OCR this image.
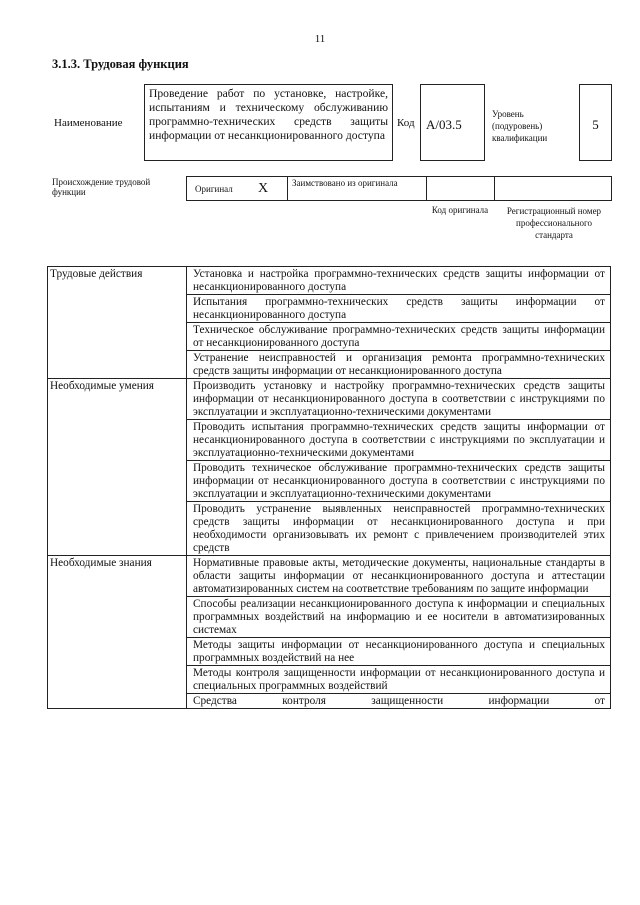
11
3.1.3. Трудовая функция
Наименование
Проведение работ по установке, настройке, испытаниям и техническому обслуживанию программно-технических средств защиты информации от несанкционированного доступа
Код А/03.5
Уровень (подуровень) квалификации
5
Происхождение трудовой функции	Оригинал X	Заимствовано из оригинала
Код оригинала	Регистрационный номер профессионального стандарта
Трудовые действия	Установка и настройка программно-технических средств защиты информации от несанкционированного доступа
	Испытания программно-технических средств защиты информации от несанкционированного доступа
	Техническое обслуживание программно-технических средств защиты информации от несанкционированного доступа
	Устранение неисправностей и организация ремонта программно-технических средств защиты информации от несанкционированного доступа
Необходимые умения	Производить установку и настройку программно-технических средств защиты информации от несанкционированного доступа в соответствии с инструкциями по эксплуатации и эксплуатационно-техническими документами
	Проводить испытания программно-технических средств защиты информации от несанкционированного доступа в соответствии с инструкциями по эксплуатации и эксплуатационно-техническими документами
	Проводить техническое обслуживание программно-технических средств защиты информации от несанкционированного доступа в соответствии с инструкциями по эксплуатации и эксплуатационно-техническими документами
	Проводить устранение выявленных неисправностей программно-технических средств защиты информации от несанкционированного доступа и при необходимости организовывать их ремонт с привлечением производителей этих средств
Необходимые знания	Нормативные правовые акты, методические документы, национальные стандарты в области защиты информации от несанкционированного доступа и аттестации автоматизированных систем на соответствие требованиям по защите информации
	Способы реализации несанкционированного доступа к информации и специальных программных воздействий на информацию и ее носители в автоматизированных системах
	Методы защиты информации от несанкционированного доступа и специальных программных воздействий на нее
	Методы контроля защищенности информации от несанкционированного доступа и специальных программных воздействий
	Средства контроля защищенности информации от
